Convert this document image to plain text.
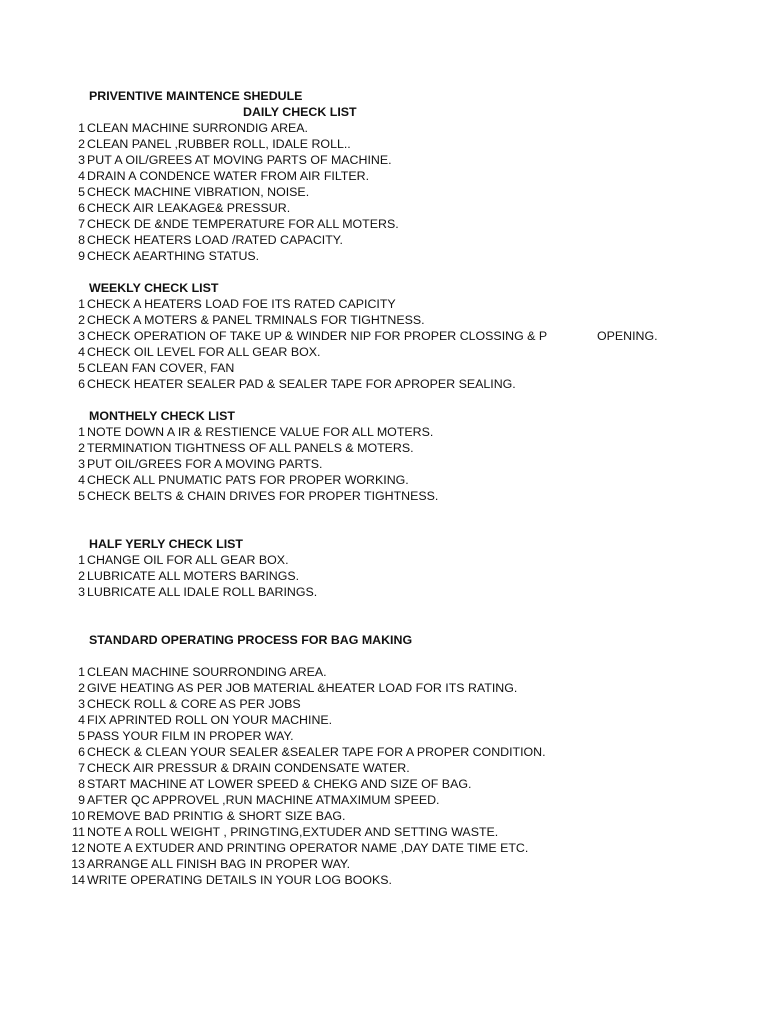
PRIVENTIVE MAINTENCE SHEDULE
DAILY CHECK LIST
1 CLEAN MACHINE SURRONDIG AREA.
2 CLEAN PANEL ,RUBBER ROLL, IDALE ROLL..
3 PUT A OIL/GREES AT MOVING PARTS OF MACHINE.
4 DRAIN A CONDENCE WATER FROM AIR FILTER.
5 CHECK MACHINE VIBRATION, NOISE.
6 CHECK AIR LEAKAGE& PRESSUR.
7 CHECK DE &NDE TEMPERATURE FOR ALL MOTERS.
8 CHECK HEATERS LOAD /RATED CAPACITY.
9 CHECK AEARTHING STATUS.
WEEKLY CHECK LIST
1 CHECK A HEATERS LOAD FOE ITS RATED CAPICITY
2 CHECK A MOTERS & PANEL TRMINALS FOR TIGHTNESS.
3 CHECK OPERATION OF TAKE UP & WINDER NIP FOR PROPER CLOSSING & P	OPENING.
4 CHECK OIL LEVEL FOR ALL GEAR BOX.
5 CLEAN FAN COVER, FAN
6 CHECK HEATER SEALER PAD & SEALER TAPE FOR APROPER SEALING.
MONTHELY CHECK LIST
1 NOTE DOWN A IR & RESTIENCE VALUE FOR ALL MOTERS.
2 TERMINATION TIGHTNESS OF ALL PANELS & MOTERS.
3 PUT OIL/GREES FOR A MOVING PARTS.
4 CHECK ALL PNUMATIC PATS FOR PROPER WORKING.
5 CHECK BELTS & CHAIN DRIVES FOR PROPER TIGHTNESS.
HALF YERLY CHECK LIST
1 CHANGE OIL FOR ALL GEAR BOX.
2 LUBRICATE ALL MOTERS BARINGS.
3 LUBRICATE ALL IDALE ROLL BARINGS.
STANDARD OPERATING PROCESS FOR BAG MAKING
1 CLEAN MACHINE SOURRONDING AREA.
2 GIVE HEATING AS PER JOB MATERIAL &HEATER LOAD FOR ITS RATING.
3 CHECK ROLL & CORE AS PER JOBS
4 FIX APRINTED ROLL ON YOUR MACHINE.
5 PASS YOUR FILM IN PROPER WAY.
6 CHECK & CLEAN YOUR SEALER &SEALER TAPE FOR A PROPER CONDITION.
7 CHECK AIR PRESSUR & DRAIN CONDENSATE WATER.
8 START MACHINE AT LOWER SPEED & CHEKG AND SIZE OF BAG.
9 AFTER QC APPROVEL ,RUN MACHINE ATMAXIMUM SPEED.
10 REMOVE BAD PRINTIG & SHORT SIZE BAG.
11 NOTE A ROLL WEIGHT , PRINGTING,EXTUDER AND SETTING WASTE.
12 NOTE A EXTUDER AND PRINTING OPERATOR NAME ,DAY DATE TIME ETC.
13 ARRANGE ALL FINISH BAG IN PROPER WAY.
14 WRITE OPERATING DETAILS IN YOUR LOG BOOKS.
